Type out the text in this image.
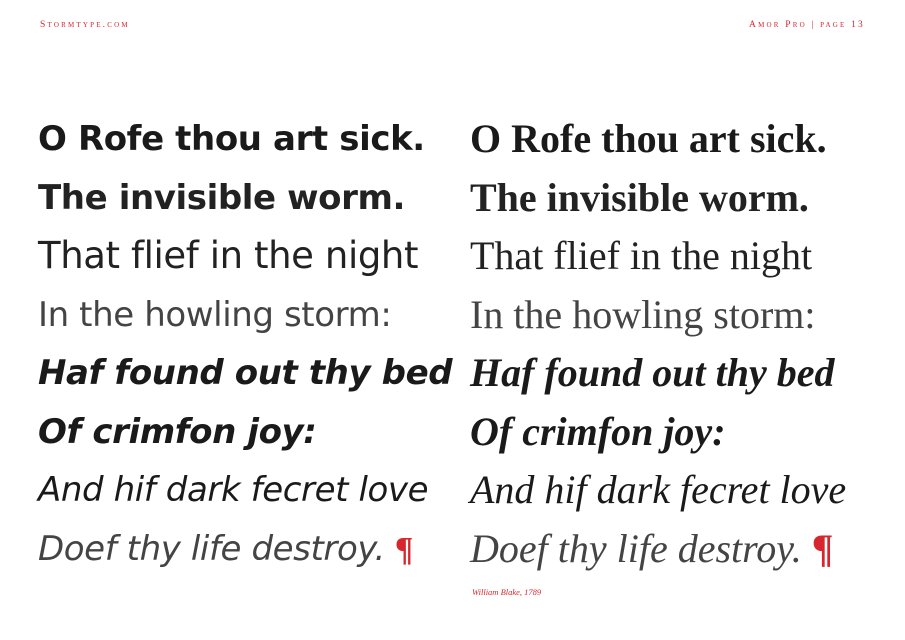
Stormtype.com	Amor Pro | page 13
O Rofe thou art sick.
The invisible worm.
That flief in the night
In the howling storm:
Haf found out thy bed
Of crimfon joy:
And hif dark fecret love
Doef thy life destroy. ¶
O Rofe thou art sick.
The invisible worm.
That flief in the night
In the howling storm:
Haf found out thy bed
Of crimfon joy:
And hif dark fecret love
Doef thy life destroy. ¶
William Blake, 1789
